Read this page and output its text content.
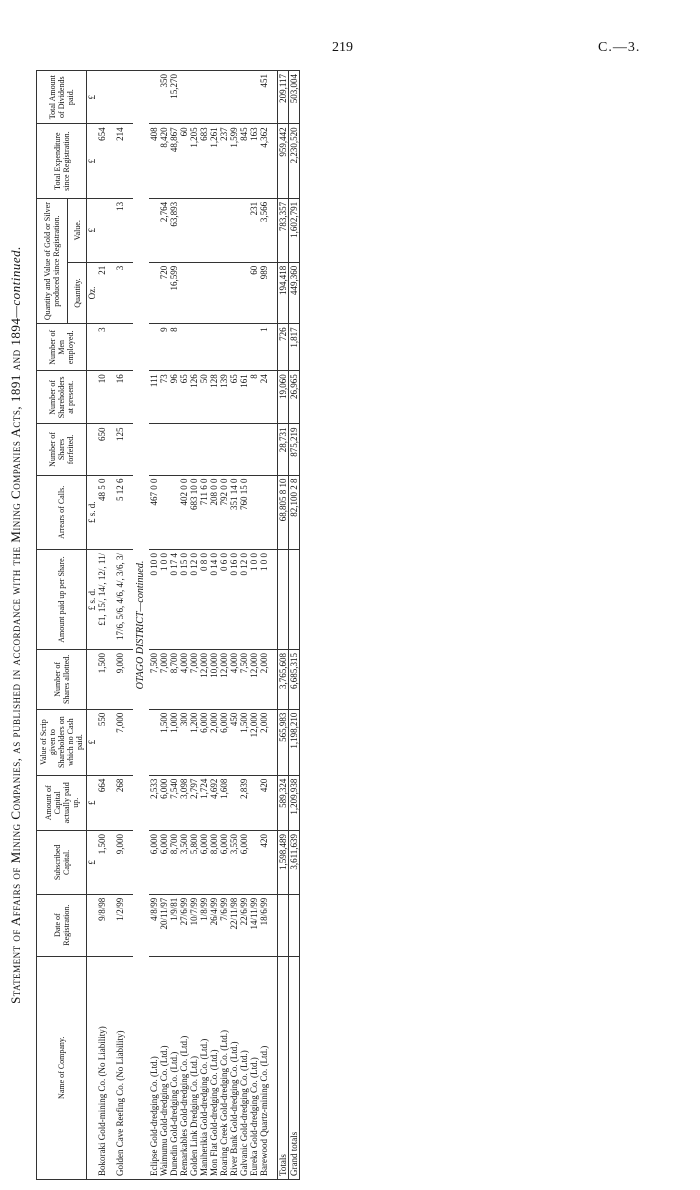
219	C.—3.
Statement of Affairs of Mining Companies, as published in accordance with the Mining Companies Acts, 1891 and 1894—continued.
Name of Company.	Date of Registration.	Subscribed Capital.	Amount of Capital actually paid up.	Value of Scrip given to Shareholders on which no Cash paid.	Number of Shares allotted.	Amount paid up per Share.	Arrears of Calls.	Number of Shares forfeited.	Number of Shareholders at present.	Number of Men employed.	Quantity and Value of Gold or Silver produced since Registration.		Total Expenditure since Registration.	Total Amount of Dividends paid.
											Quantity.	Value.		
		£	£	£		£ s. d.	£ s. d.				Oz.	£	£	£
Bokoraki Gold-mining Co. (No Liability)	9/8/98	1,500	664	550	1,500	£1, 15/, 14/, 12/, 11/	48 5 0	650	10	3	21		654	

Golden Cave Reefing Co. (No Liability)	1/2/99	9,000	268	7,000	9,000	17/6, 5/6, 4/6, 4/, 3/6, 3/	5 12 6	125	16		3	13	214	

OTAGO DISTRICT—continued.														
Eclipse Gold-dredging Co. (Ltd.)	4/8/99	6,000	2,533		7,500	0 10 0	467 0 0		111				408	
Waimumu Gold-dredging Co. (Ltd.)	20/11/97	6,000	6,000	1,500	7,000	1 0 0			73	9	720	2,764	8,420	350
Dunedin Gold-dredging Co. (Ltd.)	1/9/81	8,700	7,540	1,000	8,700	0 17 4			96	8	16,599	63,893	48,867	15,270
Remarkables Gold-dredging Co. (Ltd.)	27/6/99	3,500	3,098	300	4,000	0 15 0	402 0 0		65				60	
Golden Link Dredging Co. (Ltd.)	10/7/99	5,800	2,797	1,200	7,000	0 12 0	683 10 0		126				1,205	
Maniherikia Gold-dredging Co. (Ltd.)	1/8/99	6,000	1,724	6,000	12,000	0 8 0	711 6 0		50				683	
Mon Flat Gold-dredging Co. (Ltd.)	26/4/99	8,000	4,692	2,000	10,000	0 14 0	208 0 0		128				1,261	
Roaring Creek Gold-dredging Co. (Ltd.)	7/6/99	6,000	1,608	6,000	12,000	0 6 0	792 0 0		139				237	
River Bank Gold-dredging Co. (Ltd.)	22/11/98	3,550		450	4,000	0 16 0	351 14 0		65				1,599	
Galvanic Gold-dredging Co. (Ltd.)	22/6/99	6,000	2,839	1,500	7,500	0 12 0	760 15 0		161				845	
Eureka Gold-dredging Co. (Ltd.)	14/11/99			12,000	12,000	1 0 0			8		60	231	163	
Barewood Quartz-mining Co. (Ltd.)	18/6/99	420	420	2,000	2,000	1 0 0			24	1	989	3,566	4,362	451

Totals		1,598,489	589,324	565,983	3,765,608		68,805 8 10	28,731	19,060	726	194,418	783,357	959,442	209,117
Grand totals		3,611,639	1,209,938	1,198,210	6,685,315		82,100 2 8	875,219	26,965	1,817	449,360	1,602,791	2,230,520	503,004
